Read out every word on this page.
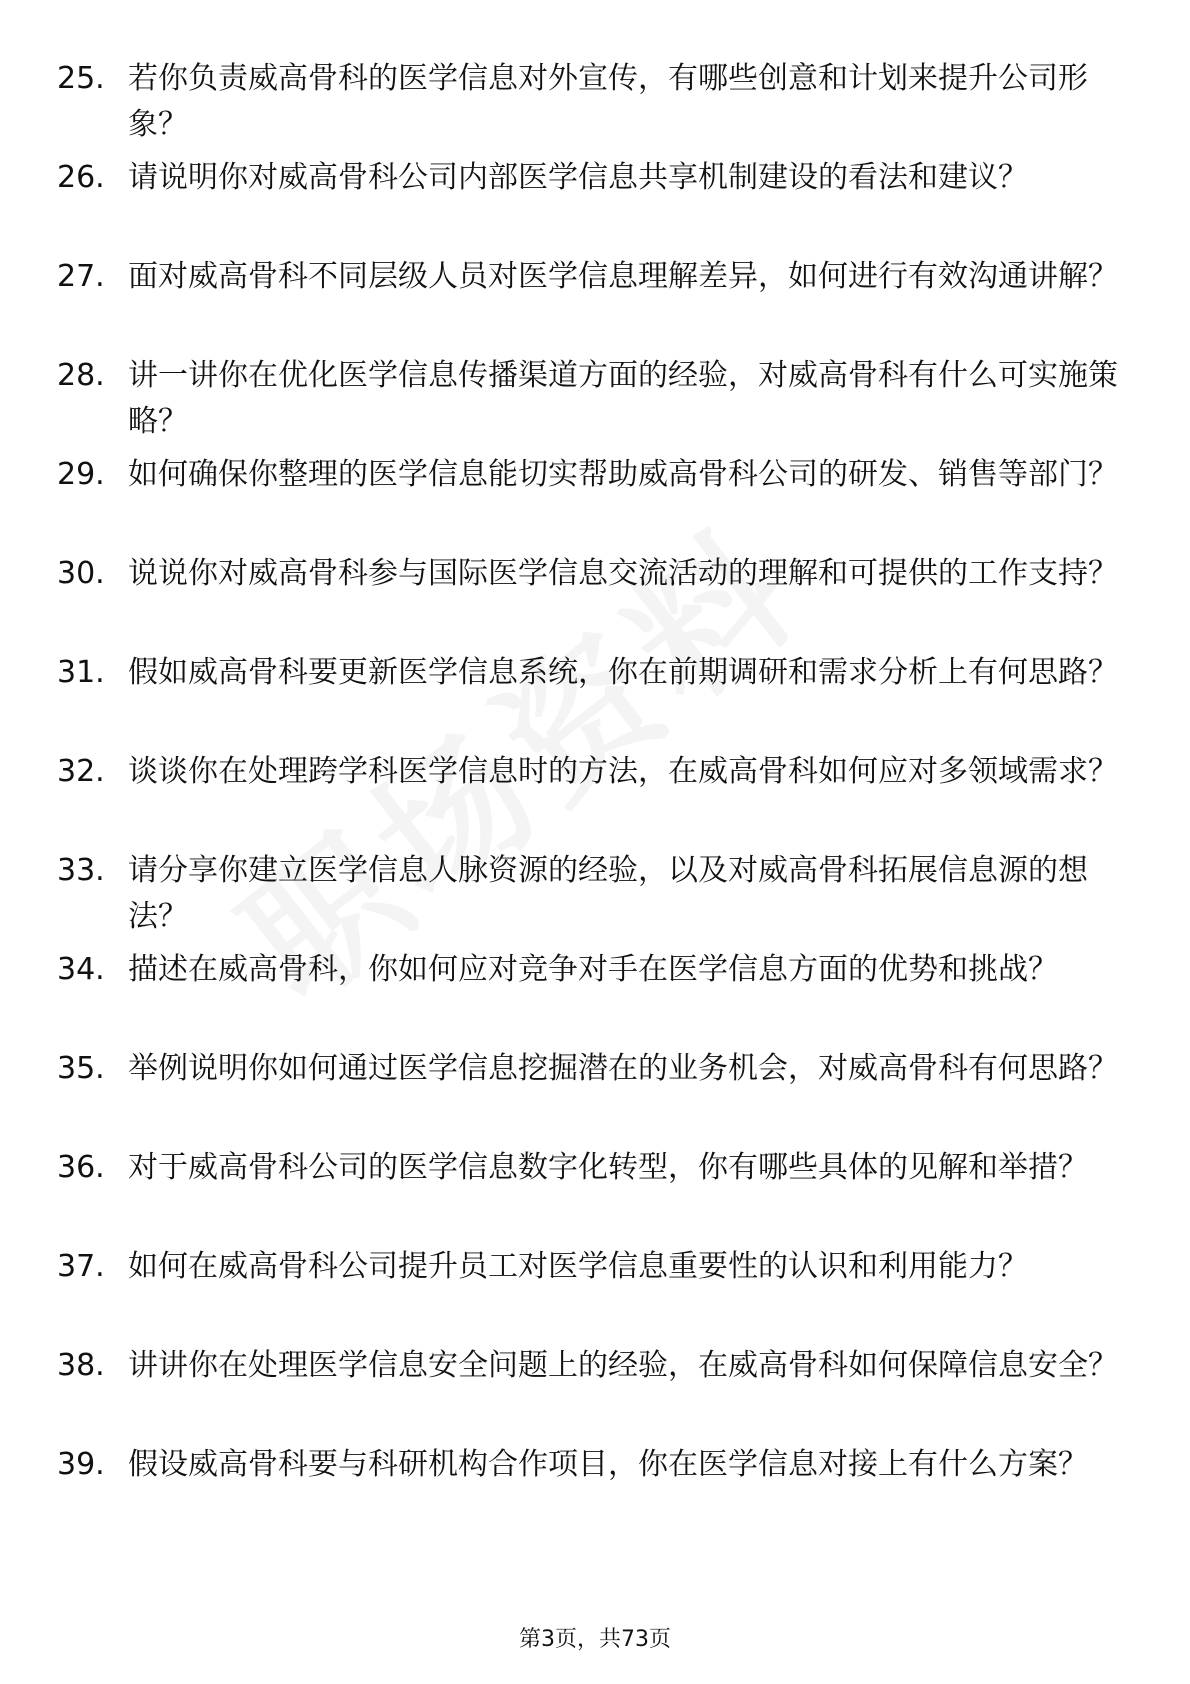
25. 若你负责威高骨科的医学信息对外宣传，有哪些创意和计划来提升公司形象？
26. 请说明你对威高骨科公司内部医学信息共享机制建设的看法和建议？
27. 面对威高骨科不同层级人员对医学信息理解差异，如何进行有效沟通讲解？
28. 讲一讲你在优化医学信息传播渠道方面的经验，对威高骨科有什么可实施策略？
29. 如何确保你整理的医学信息能切实帮助威高骨科公司的研发、销售等部门？
30. 说说你对威高骨科参与国际医学信息交流活动的理解和可提供的工作支持？
31. 假如威高骨科要更新医学信息系统，你在前期调研和需求分析上有何思路？
32. 谈谈你在处理跨学科医学信息时的方法，在威高骨科如何应对多领域需求？
33. 请分享你建立医学信息人脉资源的经验，以及对威高骨科拓展信息源的想法？
34. 描述在威高骨科，你如何应对竞争对手在医学信息方面的优势和挑战？
35. 举例说明你如何通过医学信息挖掘潜在的业务机会，对威高骨科有何思路？
36. 对于威高骨科公司的医学信息数字化转型，你有哪些具体的见解和举措？
37. 如何在威高骨科公司提升员工对医学信息重要性的认识和利用能力？
38. 讲讲你在处理医学信息安全问题上的经验，在威高骨科如何保障信息安全？
39. 假设威高骨科要与科研机构合作项目，你在医学信息对接上有什么方案？
第3页，共73页
